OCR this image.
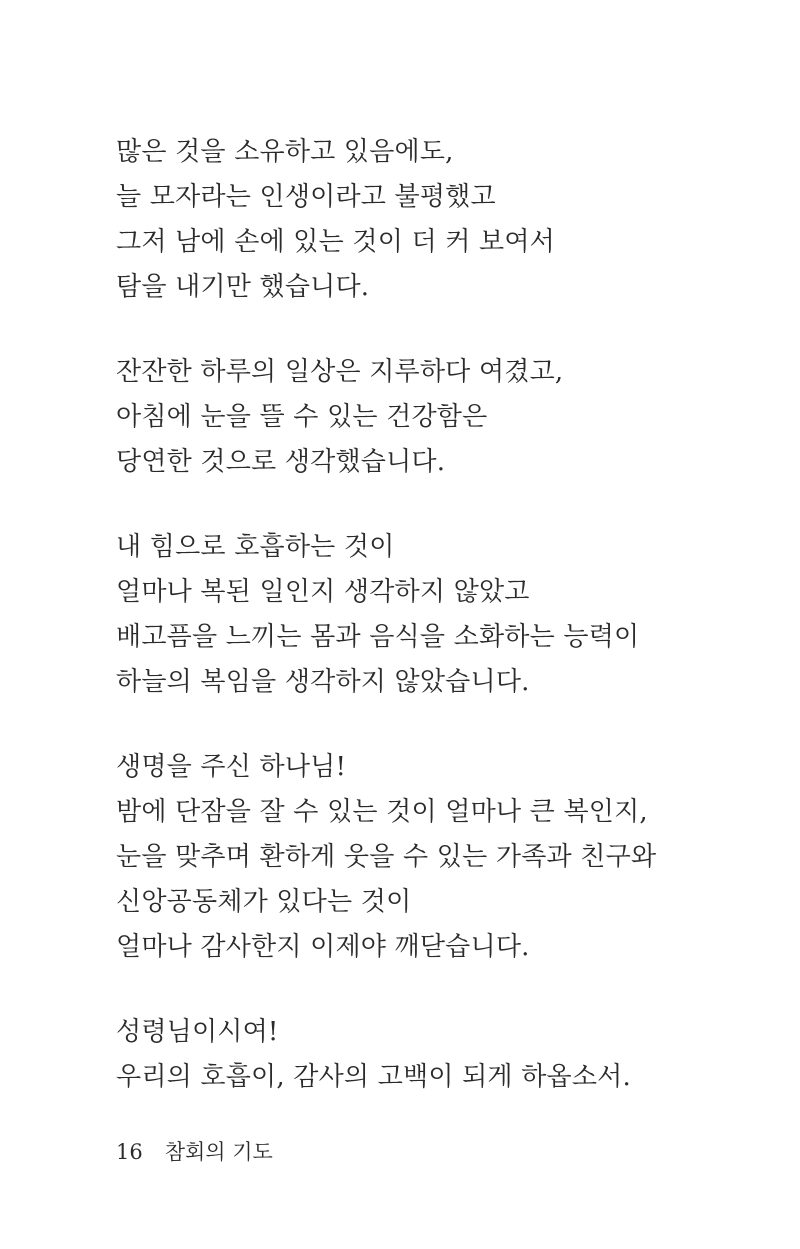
많은 것을 소유하고 있음에도,
늘 모자라는 인생이라고 불평했고
그저 남에 손에 있는 것이 더 커 보여서
탐을 내기만 했습니다.
잔잔한 하루의 일상은 지루하다 여겼고,
아침에 눈을 뜰 수 있는 건강함은
당연한 것으로 생각했습니다.
내 힘으로 호흡하는 것이
얼마나 복된 일인지 생각하지 않았고
배고픔을 느끼는 몸과 음식을 소화하는 능력이
하늘의 복임을 생각하지 않았습니다.
생명을 주신 하나님!
밤에 단잠을 잘 수 있는 것이 얼마나 큰 복인지,
눈을 맞추며 환하게 웃을 수 있는 가족과 친구와
신앙공동체가 있다는 것이
얼마나 감사한지 이제야 깨닫습니다.
성령님이시여!
우리의 호흡이, 감사의 고백이 되게 하옵소서.
16 참회의 기도
